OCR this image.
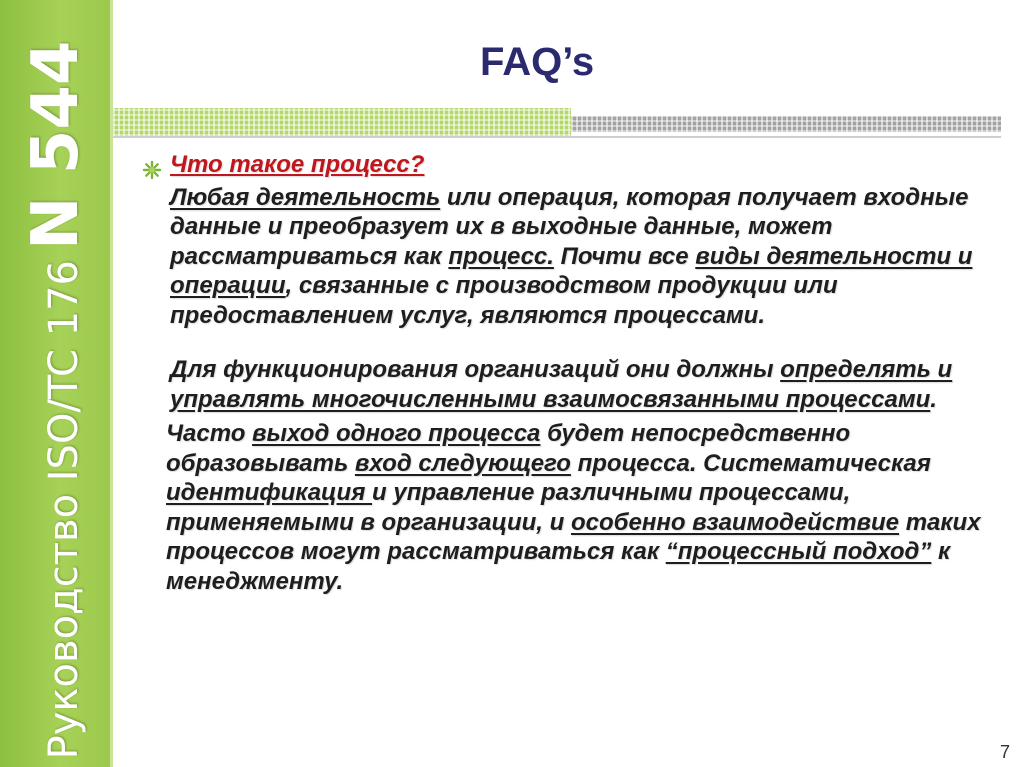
Руководство ISO/TC 176N 544	FAQ’s

Что такое процесс?

Любая деятельность или операция, которая получает входные данные и преобразует их в выходные данные, может рассматриваться как процесс. Почти все виды деятельности и операции, связанные с производством продукции или предоставлением услуг, являются процессами.

Для функционирования организаций они должны определять и управлять многочисленными взаимосвязанными процессами.

Часто выход одного процесса будет непосредственно образовывать вход следующего процесса. Систематическая идентификация и управление различными процессами, применяемыми в организации, и особенно взаимодействие таких процессов могут рассматриваться как “процессный подход” к менеджменту.

7
